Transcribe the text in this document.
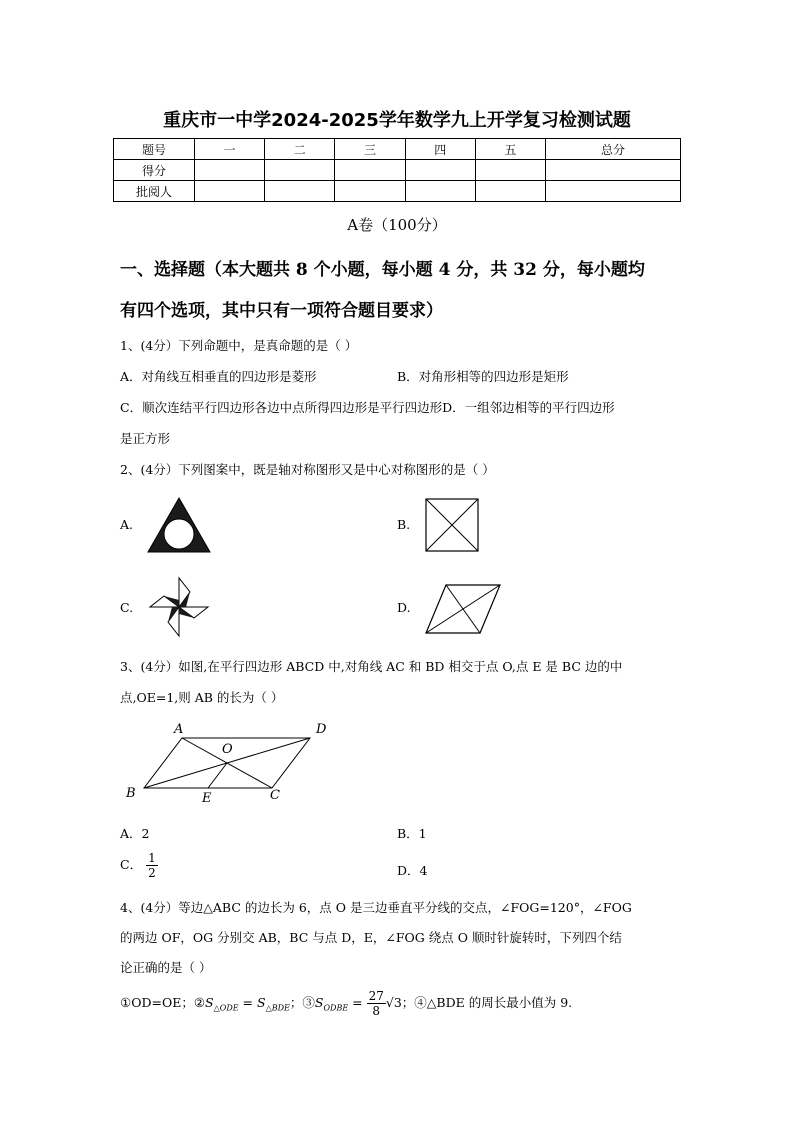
重庆市一中学2024-2025学年数学九上开学复习检测试题
题号	一	二	三	四	五	总分
得分						
批阅人						
A卷（100分）
一、选择题（本大题共 8 个小题，每小题 4 分，共 32 分，每小题均
有四个选项，其中只有一项符合题目要求）
1、(4分）下列命题中，是真命题的是（ ）
A．对角线互相垂直的四边形是菱形	B．对角形相等的四边形是矩形
C．顺次连结平行四边形各边中点所得四边形是平行四边形D．一组邻边相等的平行四边形
是正方形
2、(4分）下列图案中，既是轴对称图形又是中心对称图形的是（ ）
A.	B.
C.	D.
3、(4分）如图,在平行四边形 ABCD 中,对角线 AC 和 BD 相交于点 O,点 E 是 BC 边的中
点,OE=1,则 AB 的长为（ ）
A	D
O
B	E	C
A．2	B．1
C． $\frac{1}{2}$	D．4
4、(4分）等边△ABC 的边长为 6，点 O 是三边垂直平分线的交点，∠FOG=120°，∠FOG
的两边 OF，OG 分别交 AB，BC 与点 D，E，∠FOG 绕点 O 顺时针旋转时，下列四个结
论正确的是（ ）
①OD=OE；$②S_{\triangle ODE} = S_{\triangle BDE}$；$③S_{ODBE} = \frac{27}{8} √3$；④△BDE 的周长最小值为 9.
